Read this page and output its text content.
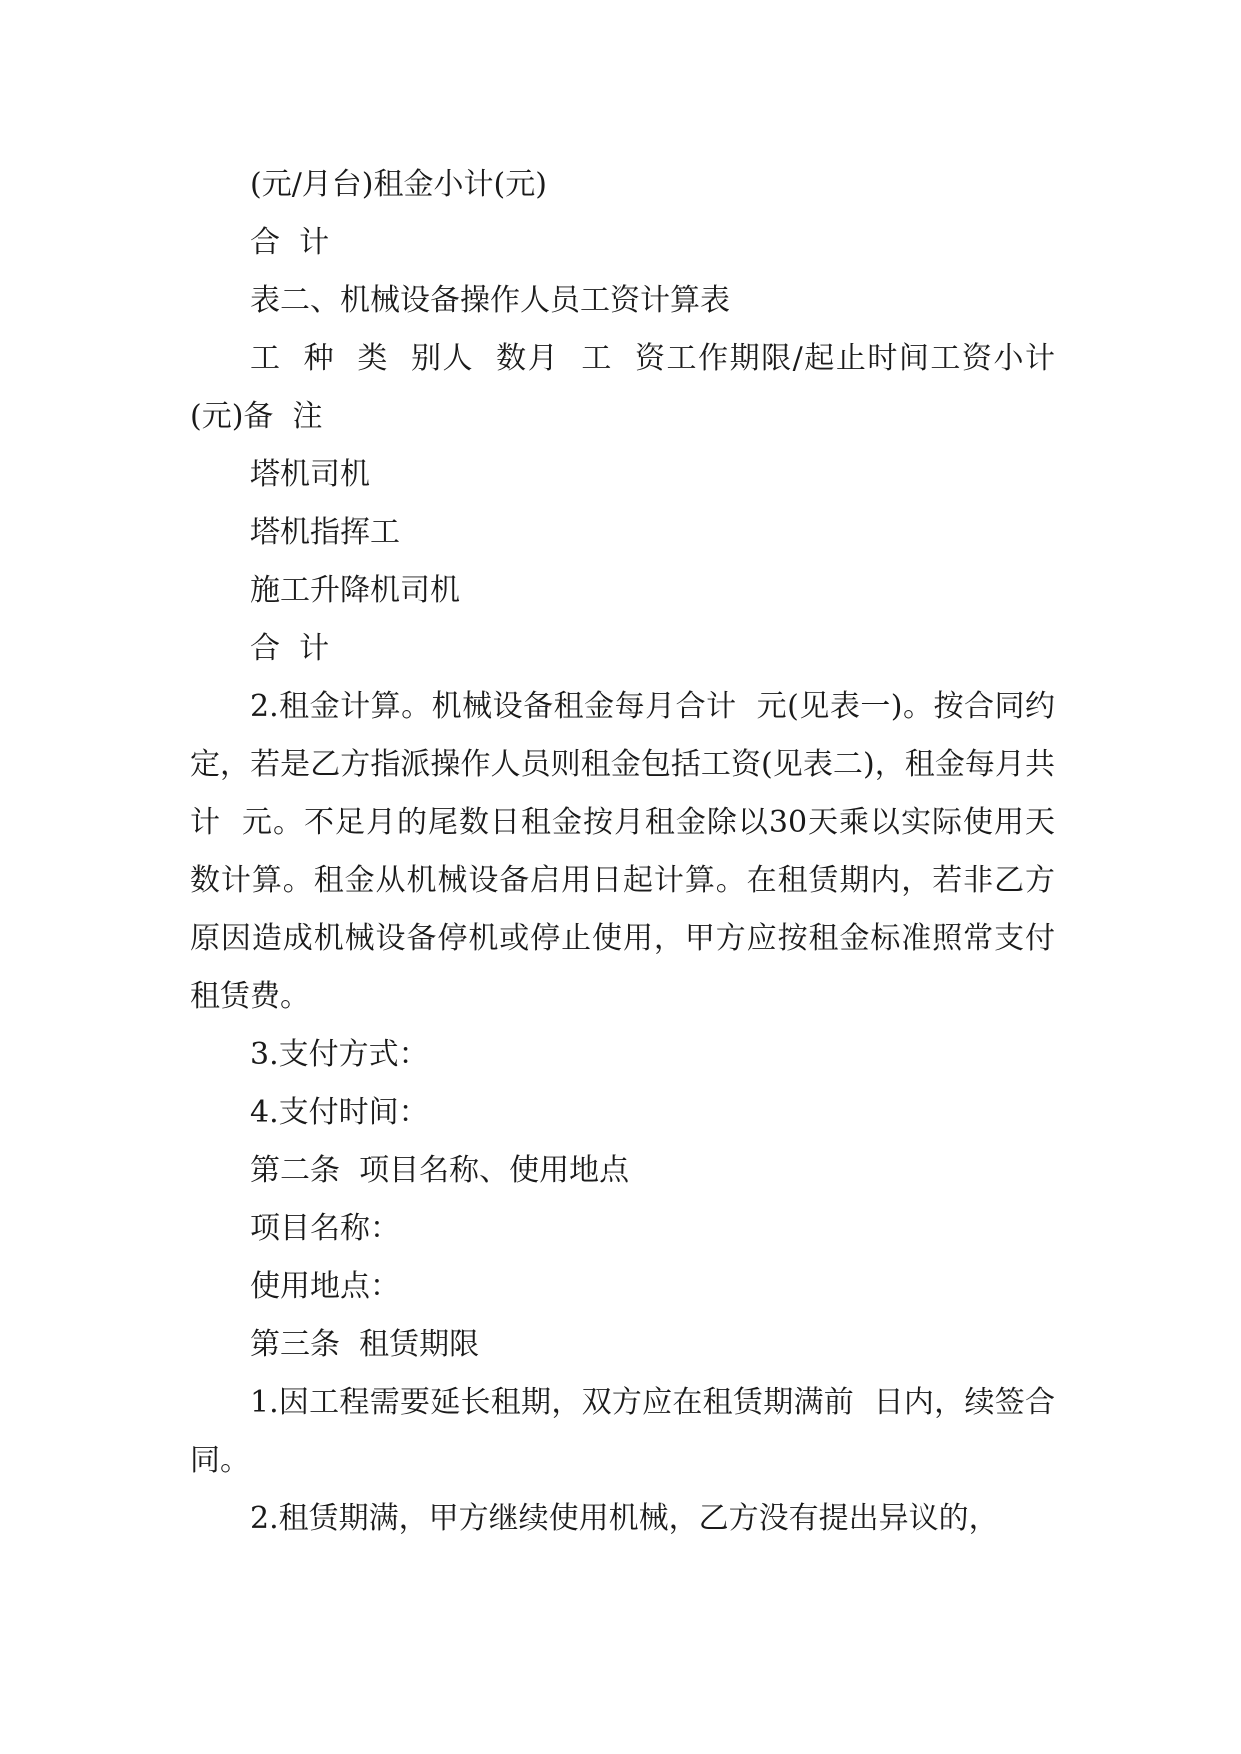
(元/月台)租金小计(元)

合  计

表二、机械设备操作人员工资计算表

工  种  类  别人  数月  工  资工作期限/起止时间工资小计(元)备  注

塔机司机

塔机指挥工

施工升降机司机

合  计

2.租金计算。机械设备租金每月合计  元(见表一)。按合同约定，若是乙方指派操作人员则租金包括工资(见表二)，租金每月共计  元。不足月的尾数日租金按月租金除以30天乘以实际使用天数计算。租金从机械设备启用日起计算。在租赁期内，若非乙方原因造成机械设备停机或停止使用，甲方应按租金标准照常支付租赁费。

3.支付方式：

4.支付时间：

第二条  项目名称、使用地点

项目名称：

使用地点：

第三条  租赁期限

1.因工程需要延长租期，双方应在租赁期满前  日内，续签合同。

2.租赁期满，甲方继续使用机械，乙方没有提出异议的，
